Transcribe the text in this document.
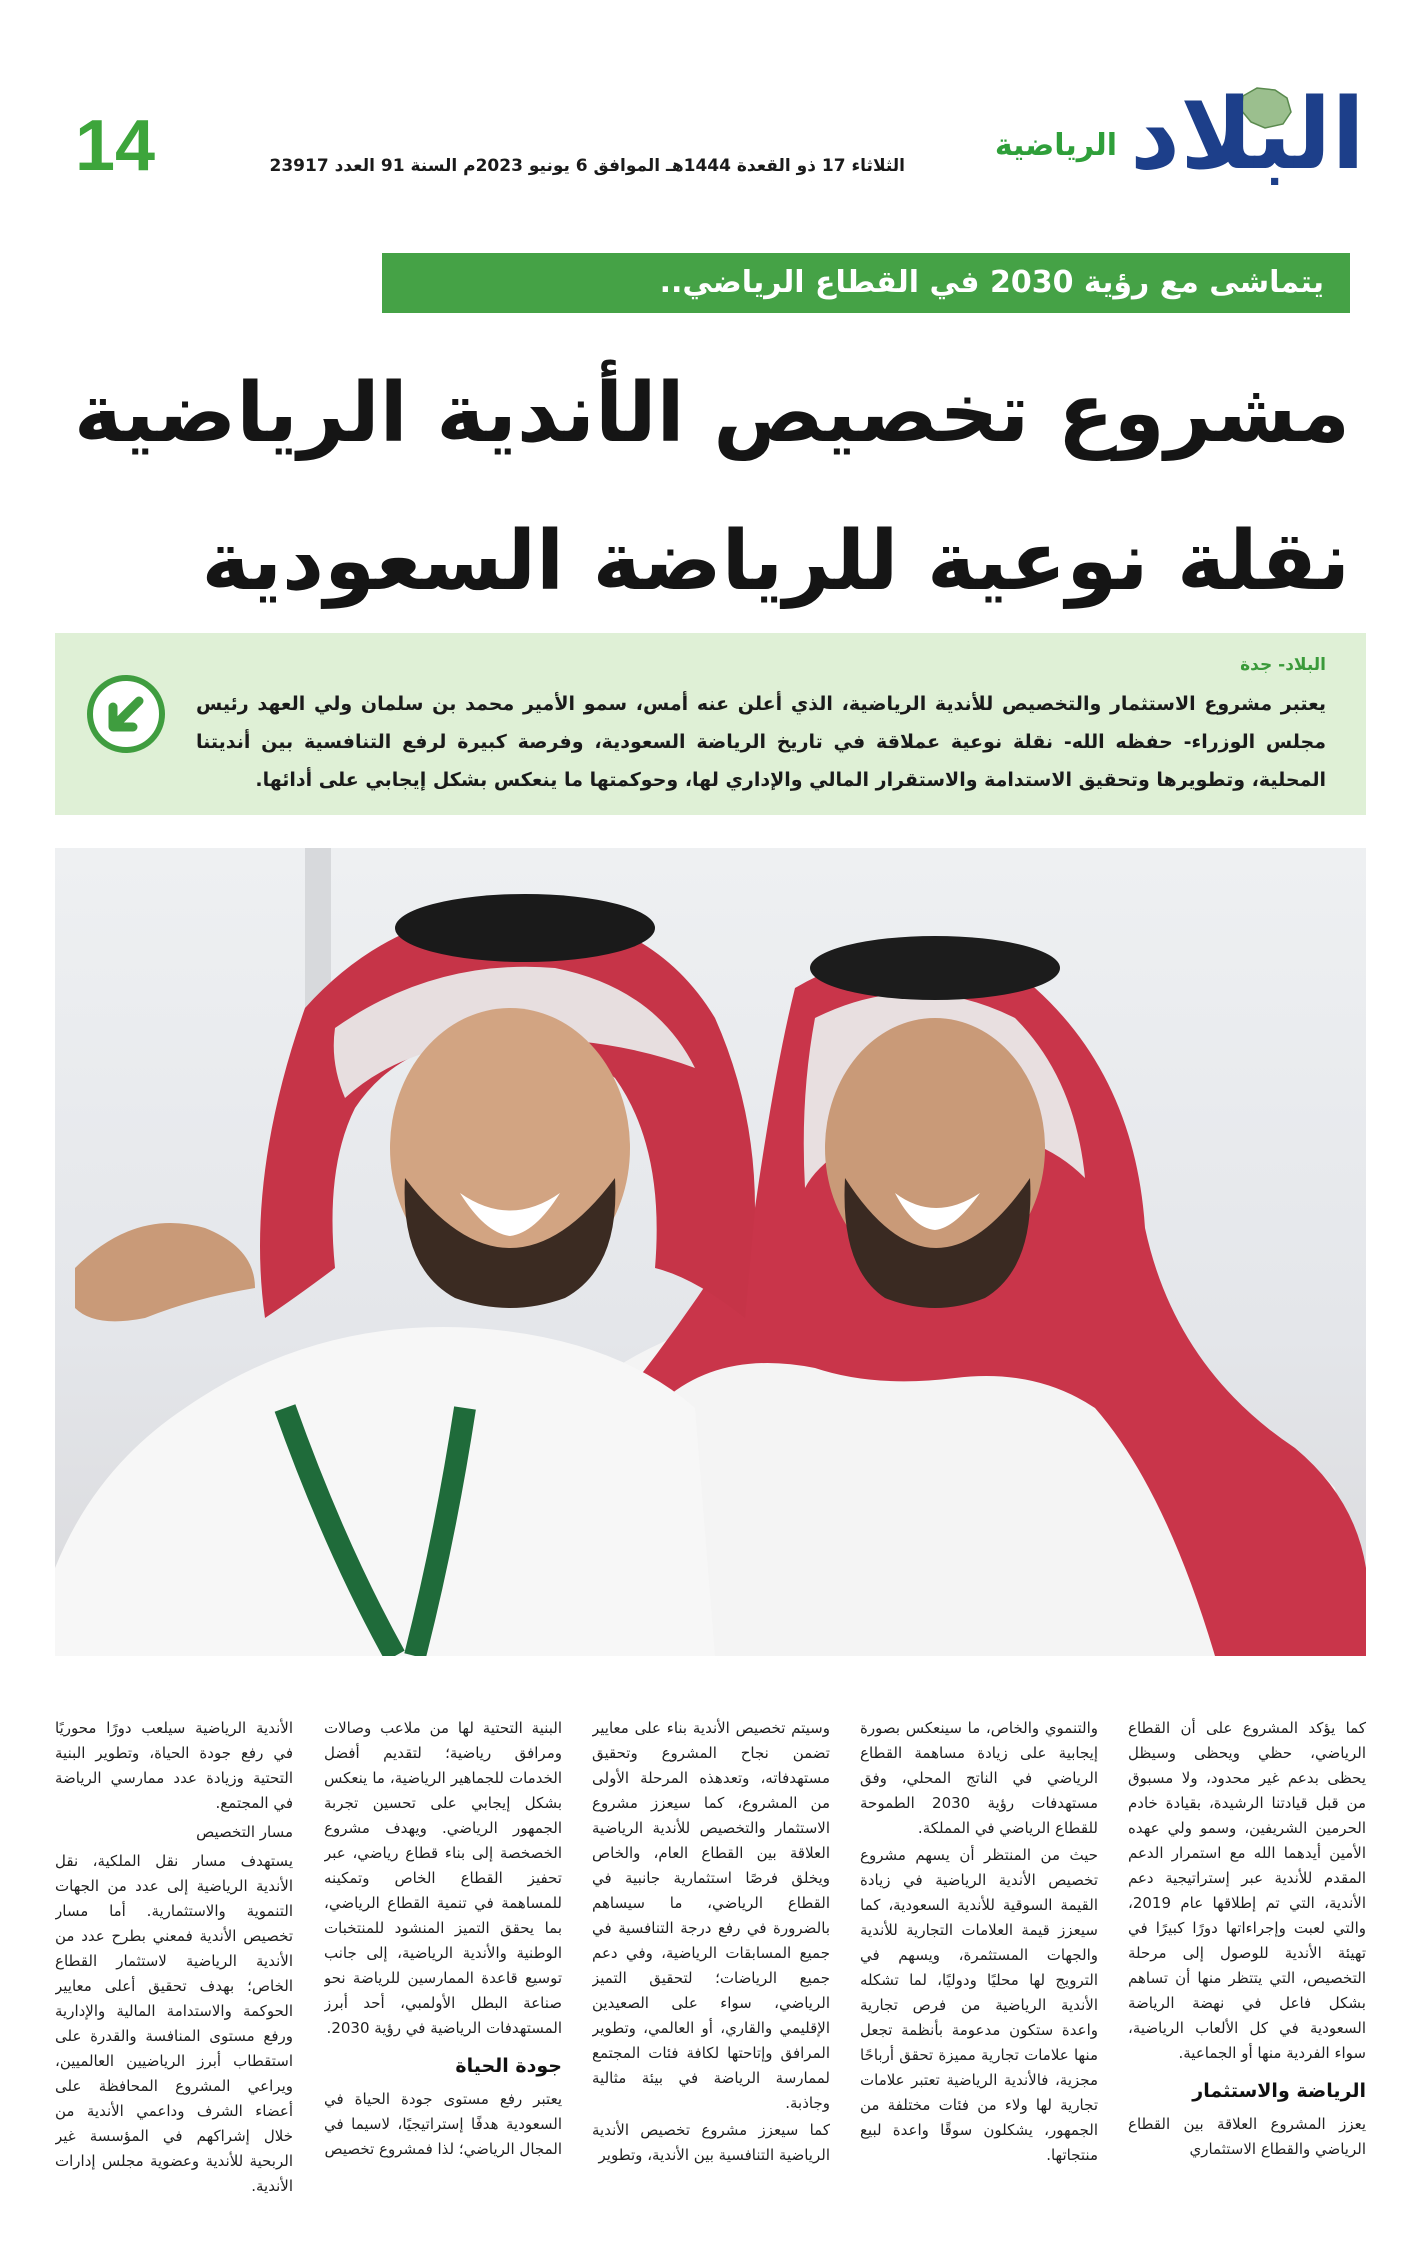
البلاد
الرياضية
الثلاثاء 17 ذو القعدة 1444هـ الموافق 6 يونيو 2023م السنة 91 العدد 23917
14
يتماشى مع رؤية 2030 في القطاع الرياضي..
مشروع تخصيص الأندية الرياضية
نقلة نوعية للرياضة السعودية
البلاد- جدة

يعتبر مشروع الاستثمار والتخصيص للأندية الرياضية، الذي أعلن عنه أمس، سمو الأمير محمد بن سلمان ولي العهد رئيس مجلس الوزراء- حفظه الله- نقلة نوعية عملاقة في تاريخ الرياضة السعودية، وفرصة كبيرة لرفع التنافسية بين أنديتنا المحلية، وتطويرها وتحقيق الاستدامة والاستقرار المالي والإداري لها، وحوكمتها ما ينعكس بشكل إيجابي على أدائها.

كما يؤكد المشروع على أن القطاع الرياضي، حظي ويحظى وسيظل يحظى بدعم غير محدود، ولا مسبوق من قبل قيادتنا الرشيدة، بقيادة خادم الحرمين الشريفين، وسمو ولي عهده الأمين أيدهما الله مع استمرار الدعم المقدم للأندية عبر إستراتيجية دعم الأندية، التي تم إطلاقها عام 2019، والتي لعبت وإجراءاتها دورًا كبيرًا في تهيئة الأندية للوصول إلى مرحلة التخصيص، التي يتتظر منها أن تساهم بشكل فاعل في نهضة الرياضة السعودية في كل الألعاب الرياضية، سواء الفردية منها أو الجماعية.

الرياضة والاستثمار

يعزز المشروع العلاقة بين القطاع الرياضي والقطاع الاستثماري

والتنموي والخاص، ما سينعكس بصورة إيجابية على زيادة مساهمة القطاع الرياضي في الناتج المحلي، وفق مستهدفات رؤية 2030 الطموحة للقطاع الرياضي في المملكة.

حيث من المنتظر أن يسهم مشروع تخصيص الأندية الرياضية في زيادة القيمة السوقية للأندية السعودية، كما سيعزز قيمة العلامات التجارية للأندية والجهات المستثمرة، ويسهم في الترويج لها محليًا ودوليًا، لما تشكله الأندية الرياضية من فرص تجارية واعدة ستكون مدعومة بأنظمة تجعل منها علامات تجارية مميزة تحقق أرباحًا مجزية، فالأندية الرياضية تعتبر علامات تجارية لها ولاء من فئات مختلفة من الجمهور، يشكلون سوقًا واعدة لبيع منتجاتها.

وسيتم تخصيص الأندية بناء على معايير تضمن نجاح المشروع وتحقيق مستهدفاته، وتعدهذه المرحلة الأولى من المشروع، كما سيعزز مشروع الاستثمار والتخصيص للأندية الرياضية العلاقة بين القطاع العام، والخاص ويخلق فرصًا استثمارية جانبية في القطاع الرياضي، ما سيساهم بالضرورة في رفع درجة التنافسية في جميع المسابقات الرياضية، وفي دعم جميع الرياضات؛ لتحقيق التميز الرياضي، سواء على الصعيدين الإقليمي والقاري، أو العالمي، وتطوير المرافق وإتاحتها لكافة فئات المجتمع لممارسة الرياضة في بيئة مثالية وجاذبة.

كما سيعزز مشروع تخصيص الأندية الرياضية التنافسية بين الأندية، وتطوير

البنية التحتية لها من ملاعب وصالات ومرافق رياضية؛ لتقديم أفضل الخدمات للجماهير الرياضية، ما ينعكس بشكل إيجابي على تحسين تجربة الجمهور الرياضي. ويهدف مشروع الخصخصة إلى بناء قطاع رياضي، عبر تحفيز القطاع الخاص وتمكينه للمساهمة في تنمية القطاع الرياضي، بما يحقق التميز المنشود للمنتخبات الوطنية والأندية الرياضية، إلى جانب توسيع قاعدة الممارسين للرياضة نحو صناعة البطل الأولمبي، أحد أبرز المستهدفات الرياضية في رؤية 2030.

جودة الحياة

يعتبر رفع مستوى جودة الحياة في السعودية هدفًا إستراتيجيًا، لاسيما في المجال الرياضي؛ لذا فمشروع تخصيص

الأندية الرياضية سيلعب دورًا محوريًا في رفع جودة الحياة، وتطوير البنية التحتية وزيادة عدد ممارسي الرياضة في المجتمع.

مسار التخصيص

يستهدف مسار نقل الملكية، نقل الأندية الرياضية إلى عدد من الجهات التنموية والاستثمارية. أما مسار تخصيص الأندية فمعني بطرح عدد من الأندية الرياضية لاستثمار القطاع الخاص؛ بهدف تحقيق أعلى معايير الحوكمة والاستدامة المالية والإدارية ورفع مستوى المنافسة والقدرة على استقطاب أبرز الرياضيين العالميين، ويراعي المشروع المحافظة على أعضاء الشرف وداعمي الأندية من خلال إشراكهم في المؤسسة غير الربحية للأندية وعضوية مجلس إدارات الأندية.
